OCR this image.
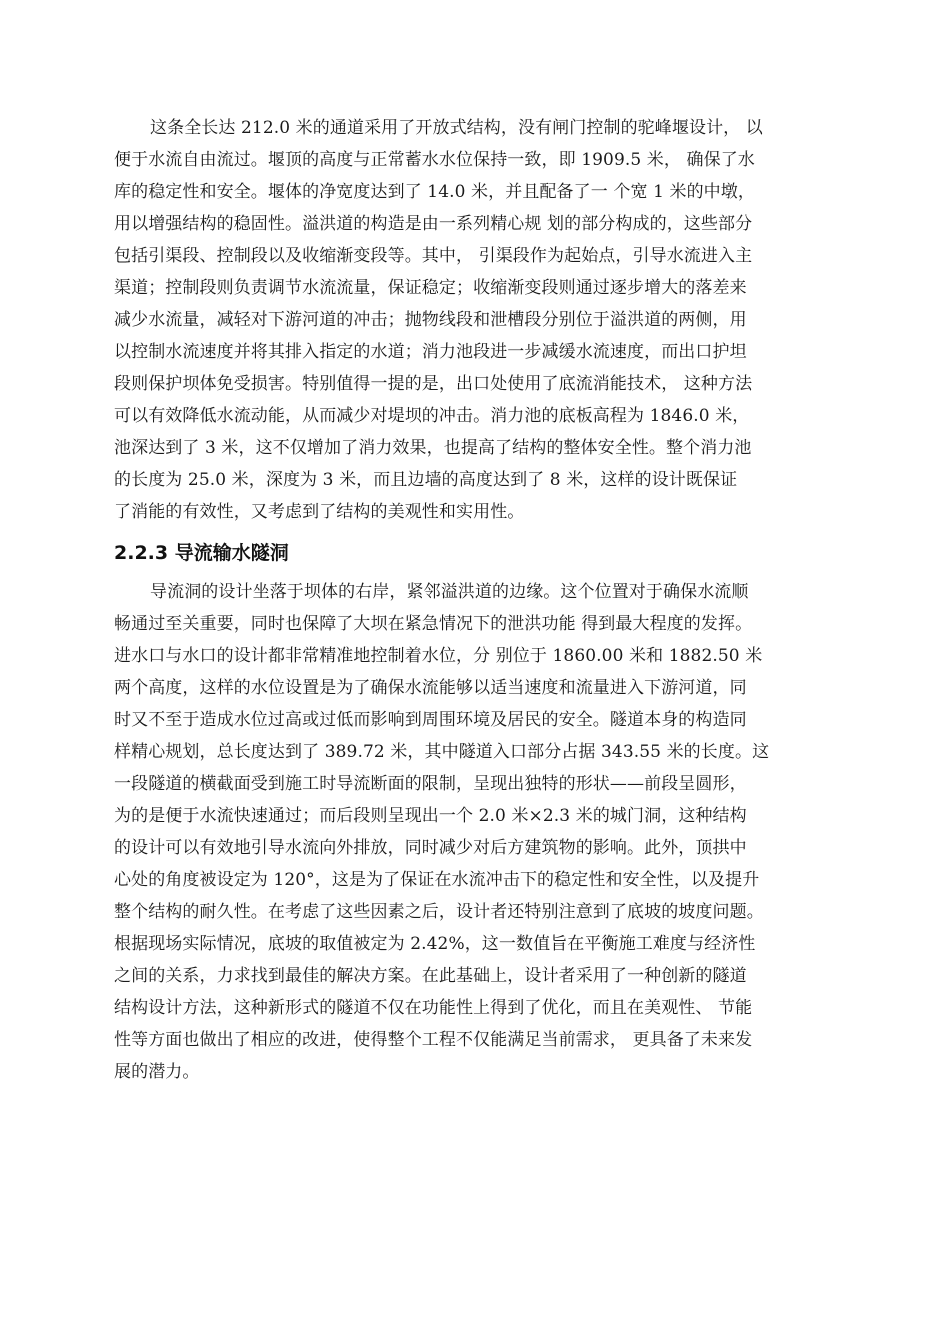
这条全长达 212.0 米的通道采用了开放式结构，没有闸门控制的驼峰堰设计， 以
便于水流自由流过。堰顶的高度与正常蓄水水位保持一致，即 1909.5 米， 确保了水
库的稳定性和安全。堰体的净宽度达到了 14.0 米，并且配备了一 个宽 1 米的中墩，
用以增强结构的稳固性。溢洪道的构造是由一系列精心规 划的部分构成的，这些部分
包括引渠段、控制段以及收缩渐变段等。其中， 引渠段作为起始点，引导水流进入主
渠道；控制段则负责调节水流流量，保证稳定；收缩渐变段则通过逐步增大的落差来
减少水流量，减轻对下游河道的冲击；抛物线段和泄槽段分别位于溢洪道的两侧，用
以控制水流速度并将其排入指定的水道；消力池段进一步减缓水流速度，而出口护坦
段则保护坝体免受损害。特别值得一提的是，出口处使用了底流消能技术， 这种方法
可以有效降低水流动能，从而减少对堤坝的冲击。消力池的底板高程为 1846.0 米，
池深达到了 3 米，这不仅增加了消力效果，也提高了结构的整体安全性。整个消力池
的长度为 25.0 米，深度为 3 米，而且边墙的高度达到了 8 米，这样的设计既保证
了消能的有效性，又考虑到了结构的美观性和实用性。
2.2.3 导流输水隧洞
导流洞的设计坐落于坝体的右岸，紧邻溢洪道的边缘。这个位置对于确保水流顺
畅通过至关重要，同时也保障了大坝在紧急情况下的泄洪功能 得到最大程度的发挥。
进水口与水口的设计都非常精准地控制着水位，分 别位于 1860.00 米和 1882.50 米
两个高度，这样的水位设置是为了确保水流能够以适当速度和流量进入下游河道，同
时又不至于造成水位过高或过低而影响到周围环境及居民的安全。隧道本身的构造同
样精心规划，总长度达到了 389.72 米，其中隧道入口部分占据 343.55 米的长度。这
一段隧道的横截面受到施工时导流断面的限制，呈现出独特的形状——前段呈圆形，
为的是便于水流快速通过；而后段则呈现出一个 2.0 米×2.3 米的城门洞，这种结构
的设计可以有效地引导水流向外排放，同时减少对后方建筑物的影响。此外，顶拱中
心处的角度被设定为 120°，这是为了保证在水流冲击下的稳定性和安全性，以及提升
整个结构的耐久性。在考虑了这些因素之后，设计者还特别注意到了底坡的坡度问题。
根据现场实际情况，底坡的取值被定为 2.42%，这一数值旨在平衡施工难度与经济性
之间的关系，力求找到最佳的解决方案。在此基础上，设计者采用了一种创新的隧道
结构设计方法，这种新形式的隧道不仅在功能性上得到了优化，而且在美观性、 节能
性等方面也做出了相应的改进，使得整个工程不仅能满足当前需求， 更具备了未来发
展的潜力。
